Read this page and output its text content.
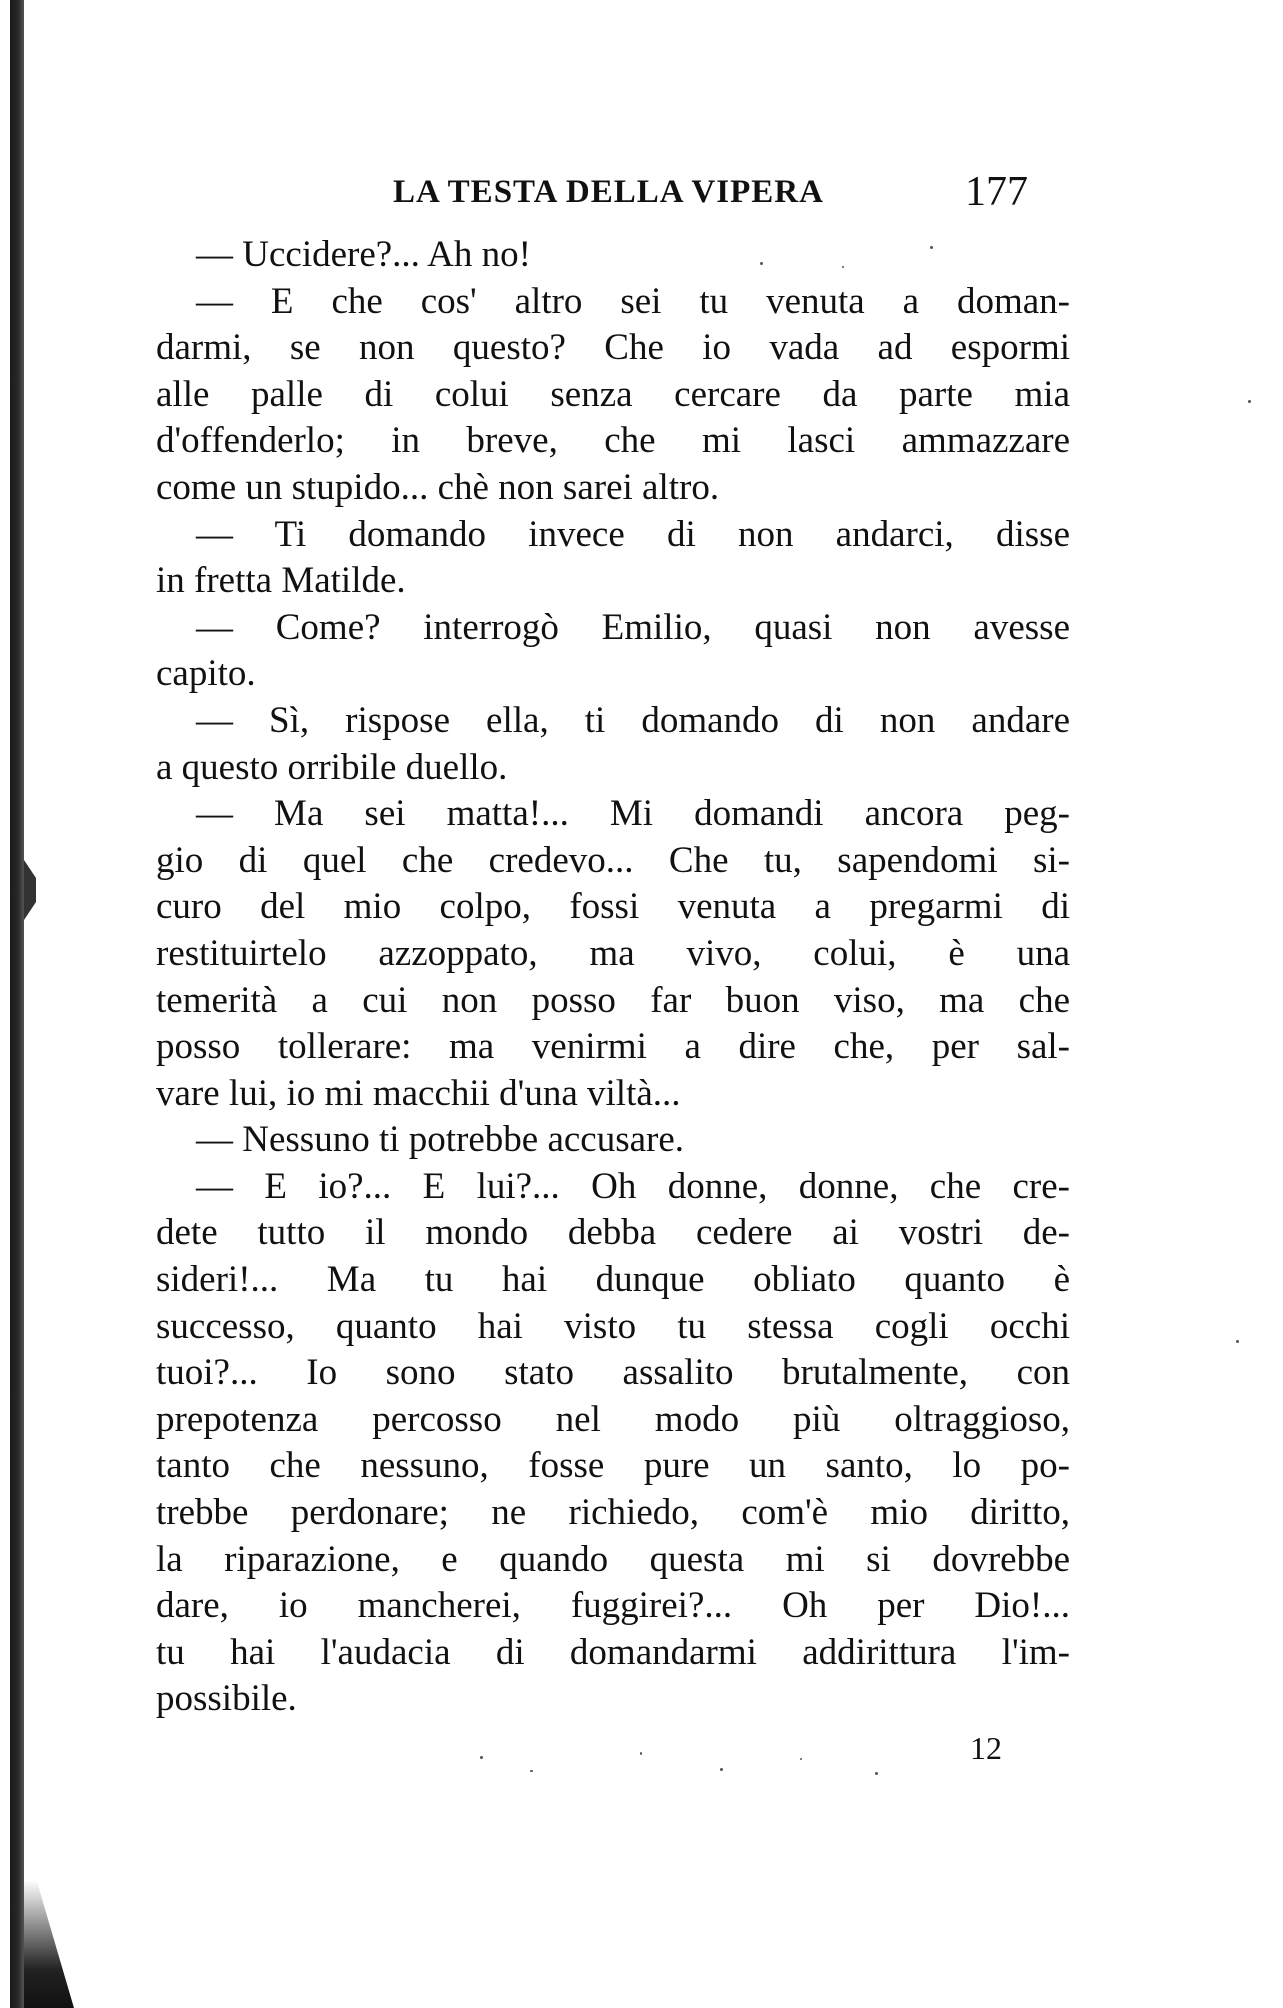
LA TESTA DELLA VIPERA	177
— Uccidere?... Ah no!
— E che cos' altro sei tu venuta a doman-
darmi, se non questo? Che io vada ad espormi
alle palle di colui senza cercare da parte mia
d'offenderlo; in breve, che mi lasci ammazzare
come un stupido... chè non sarei altro.
— Ti domando invece di non andarci, disse
in fretta Matilde.
— Come? interrogò Emilio, quasi non avesse
capito.
— Sì, rispose ella, ti domando di non andare
a questo orribile duello.
— Ma sei matta!... Mi domandi ancora peg-
gio di quel che credevo... Che tu, sapendomi si-
curo del mio colpo, fossi venuta a pregarmi di
restituirtelo azzoppato, ma vivo, colui, è una
temerità a cui non posso far buon viso, ma che
posso tollerare: ma venirmi a dire che, per sal-
vare lui, io mi macchii d'una viltà...
— Nessuno ti potrebbe accusare.
— E io?... E lui?... Oh donne, donne, che cre-
dete tutto il mondo debba cedere ai vostri de-
sideri!... Ma tu hai dunque obliato quanto è
successo, quanto hai visto tu stessa cogli occhi
tuoi?... Io sono stato assalito brutalmente, con
prepotenza percosso nel modo più oltraggioso,
tanto che nessuno, fosse pure un santo, lo po-
trebbe perdonare; ne richiedo, com'è mio diritto,
la riparazione, e quando questa mi si dovrebbe
dare, io mancherei, fuggirei?... Oh per Dio!...
tu hai l'audacia di domandarmi addirittura l'im-
possibile.
12
